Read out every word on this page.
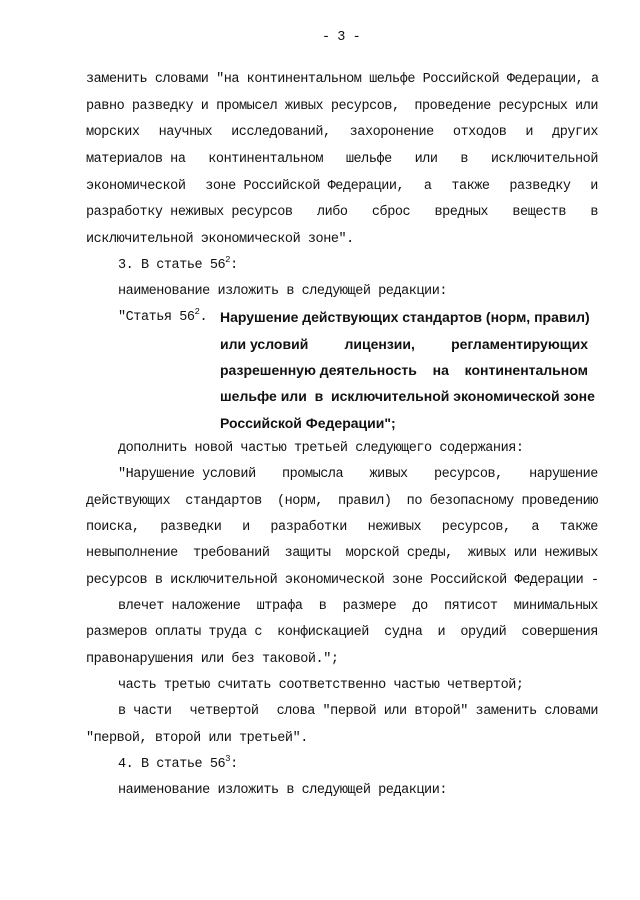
- 3 -
заменить словами "на континентальном шельфе Российской Федерации, а
равно разведку и промысел живых ресурсов, проведение ресурсных или
морских научных исследований, захоронение отходов и других
материалов на континентальном шельфе или в исключительной
экономической зоне Российской Федерации, а также разведку и
разработку неживых ресурсов либо сброс вредных веществ в
исключительной экономической зоне".
3. В статье $56^2$:
наименование изложить в следующей редакции:
"Статья $56^2$. Нарушение действующих стандартов (норм, правил)
или условий	лицензии,	регламентирующих
разрешенную деятельность на континентальном
шельфе или  в  исключительной экономической зоне
Российской Федерации";
дополнить новой частью третьей следующего содержания:
"Нарушение условий промысла живых ресурсов, нарушение
действующих стандартов (норм, правил) по безопасному проведению
поиска, разведки и разработки неживых ресурсов, а также
невыполнение требований защиты морской среды, живых или неживых
ресурсов в исключительной экономической зоне Российской Федерации -
влечет наложение штрафа в размере до пятисот минимальных
размеров оплаты труда с конфискацией судна и орудий совершения
правонарушения или без таковой.";
часть третью считать соответственно частью четвертой;
в части четвертой слова "первой или второй" заменить словами
"первой, второй или третьей".
4. В статье $56^3$:
наименование изложить в следующей редакции:
